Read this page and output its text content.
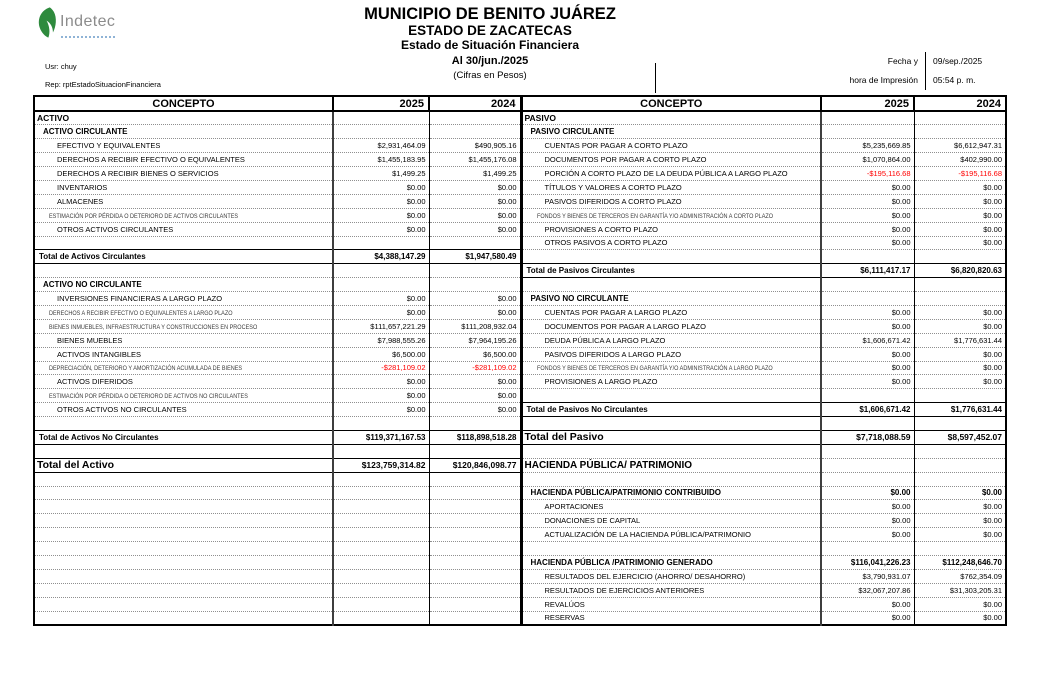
Indetec
Usr: chuy
Rep: rptEstadoSituacionFinanciera
MUNICIPIO DE BENITO JUÁREZ
ESTADO DE ZACATECAS
Estado de Situación Financiera
Al 30/jun./2025
(Cifras en Pesos)
Fecha y
hora de Impresión
09/sep./2025
05:54 p. m.
CONCEPTO	2025	2024	CONCEPTO	2025	2024
ACTIVO			PASIVO		
ACTIVO CIRCULANTE			PASIVO CIRCULANTE		
EFECTIVO Y EQUIVALENTES	$2,931,464.09	$490,905.16	CUENTAS POR PAGAR A CORTO PLAZO	$5,235,669.85	$6,612,947.31
DERECHOS A RECIBIR EFECTIVO O EQUIVALENTES	$1,455,183.95	$1,455,176.08	DOCUMENTOS POR PAGAR A CORTO PLAZO	$1,070,864.00	$402,990.00
DERECHOS A RECIBIR BIENES O SERVICIOS	$1,499.25	$1,499.25	PORCIÓN A CORTO PLAZO DE LA DEUDA PÚBLICA A LARGO PLAZO	-$195,116.68	-$195,116.68
INVENTARIOS	$0.00	$0.00	TÍTULOS Y VALORES A CORTO PLAZO	$0.00	$0.00
ALMACENES	$0.00	$0.00	PASIVOS DIFERIDOS A CORTO PLAZO	$0.00	$0.00
ESTIMACIÓN POR PÉRDIDA O DETERIORO DE ACTIVOS CIRCULANTES	$0.00	$0.00	FONDOS Y BIENES DE TERCEROS EN GARANTÍA Y/O ADMINISTRACIÓN A CORTO PLAZO	$0.00	$0.00
OTROS ACTIVOS CIRCULANTES	$0.00	$0.00	PROVISIONES A CORTO PLAZO	$0.00	$0.00
			OTROS PASIVOS A CORTO PLAZO	$0.00	$0.00
Total de Activos Circulantes	$4,388,147.29	$1,947,580.49			
			Total de Pasivos Circulantes	$6,111,417.17	$6,820,820.63
ACTIVO NO CIRCULANTE					
INVERSIONES FINANCIERAS A LARGO PLAZO	$0.00	$0.00	PASIVO NO CIRCULANTE		
DERECHOS A RECIBIR EFECTIVO O EQUIVALENTES A LARGO PLAZO	$0.00	$0.00	CUENTAS POR PAGAR A LARGO PLAZO	$0.00	$0.00
BIENES INMUEBLES, INFRAESTRUCTURA Y CONSTRUCCIONES EN PROCESO	$111,657,221.29	$111,208,932.04	DOCUMENTOS POR PAGAR A LARGO PLAZO	$0.00	$0.00
BIENES MUEBLES	$7,988,555.26	$7,964,195.26	DEUDA PÚBLICA A LARGO PLAZO	$1,606,671.42	$1,776,631.44
ACTIVOS INTANGIBLES	$6,500.00	$6,500.00	PASIVOS DIFERIDOS A LARGO PLAZO	$0.00	$0.00
DEPRECIACIÓN, DETERIORO Y AMORTIZACIÓN ACUMULADA DE BIENES	-$281,109.02	-$281,109.02	FONDOS Y BIENES DE TERCEROS EN GARANTÍA Y/O ADMINISTRACIÓN A LARGO PLAZO	$0.00	$0.00
ACTIVOS DIFERIDOS	$0.00	$0.00	PROVISIONES A LARGO PLAZO	$0.00	$0.00
ESTIMACIÓN POR PÉRDIDA O DETERIORO DE ACTIVOS NO CIRCULANTES	$0.00	$0.00			
OTROS ACTIVOS NO CIRCULANTES	$0.00	$0.00	Total de Pasivos No Circulantes	$1,606,671.42	$1,776,631.44

Total de Activos No Circulantes	$119,371,167.53	$118,898,518.28	Total del Pasivo	$7,718,088.59	$8,597,452.07

Total del Activo	$123,759,314.82	$120,846,098.77	HACIENDA PÚBLICA/ PATRIMONIO		

			HACIENDA PÚBLICA/PATRIMONIO CONTRIBUIDO	$0.00	$0.00
			APORTACIONES	$0.00	$0.00
			DONACIONES DE CAPITAL	$0.00	$0.00
			ACTUALIZACIÓN DE LA HACIENDA PÚBLICA/PATRIMONIO	$0.00	$0.00

			HACIENDA PÚBLICA /PATRIMONIO GENERADO	$116,041,226.23	$112,248,646.70
			RESULTADOS DEL EJERCICIO (AHORRO/ DESAHORRO)	$3,790,931.07	$762,354.09
			RESULTADOS DE EJERCICIOS ANTERIORES	$32,067,207.86	$31,303,205.31
			REVALÚOS	$0.00	$0.00
			RESERVAS	$0.00	$0.00
